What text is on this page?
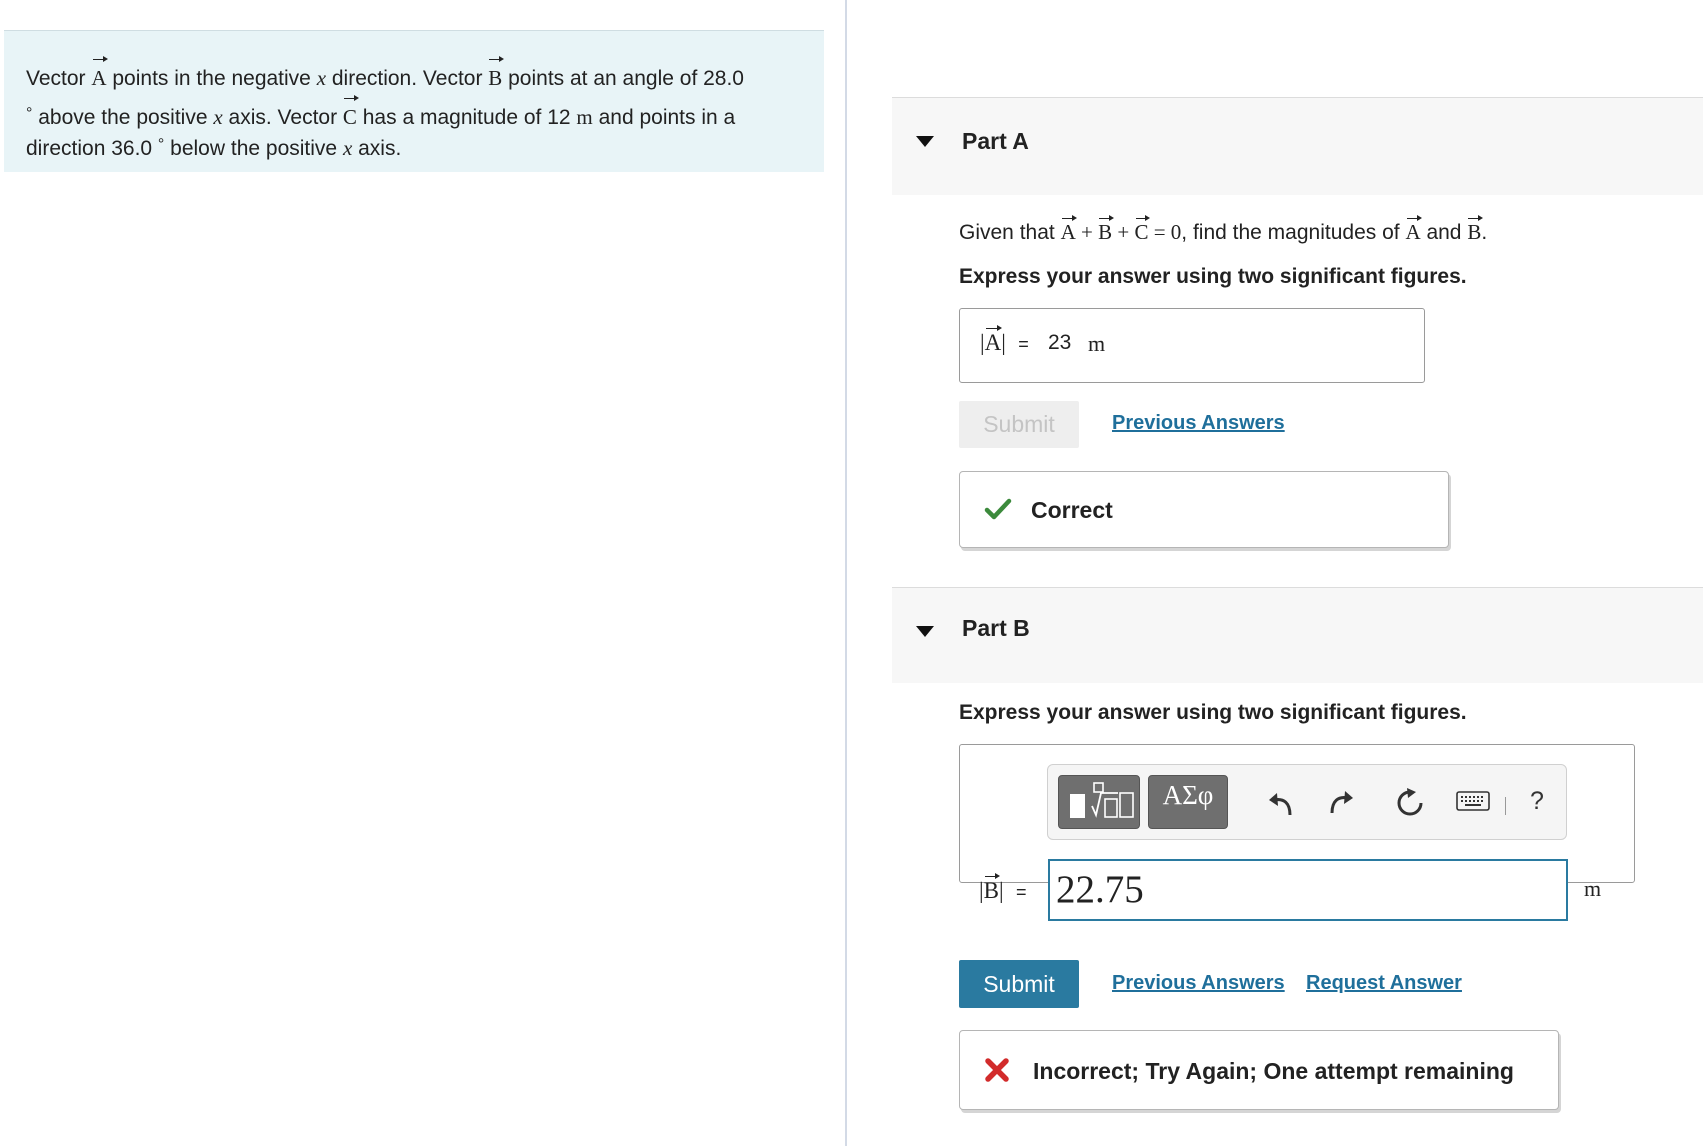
Vector A points in the negative x direction. Vector B points at an angle of 28.0
° above the positive x axis. Vector C has a magnitude of 12 m and points in a
direction 36.0 ° below the positive x axis.	Part A
Given that A + B + C = 0, find the magnitudes of A and B.
Express your answer using two significant figures.
|A| = 23 m
Submit	Previous Answers
Correct
Part B
Express your answer using two significant figures.
ΑΣφ	?
|B| = 22.75	m
Submit	Previous Answers Request Answer
Incorrect; Try Again; One attempt remaining
